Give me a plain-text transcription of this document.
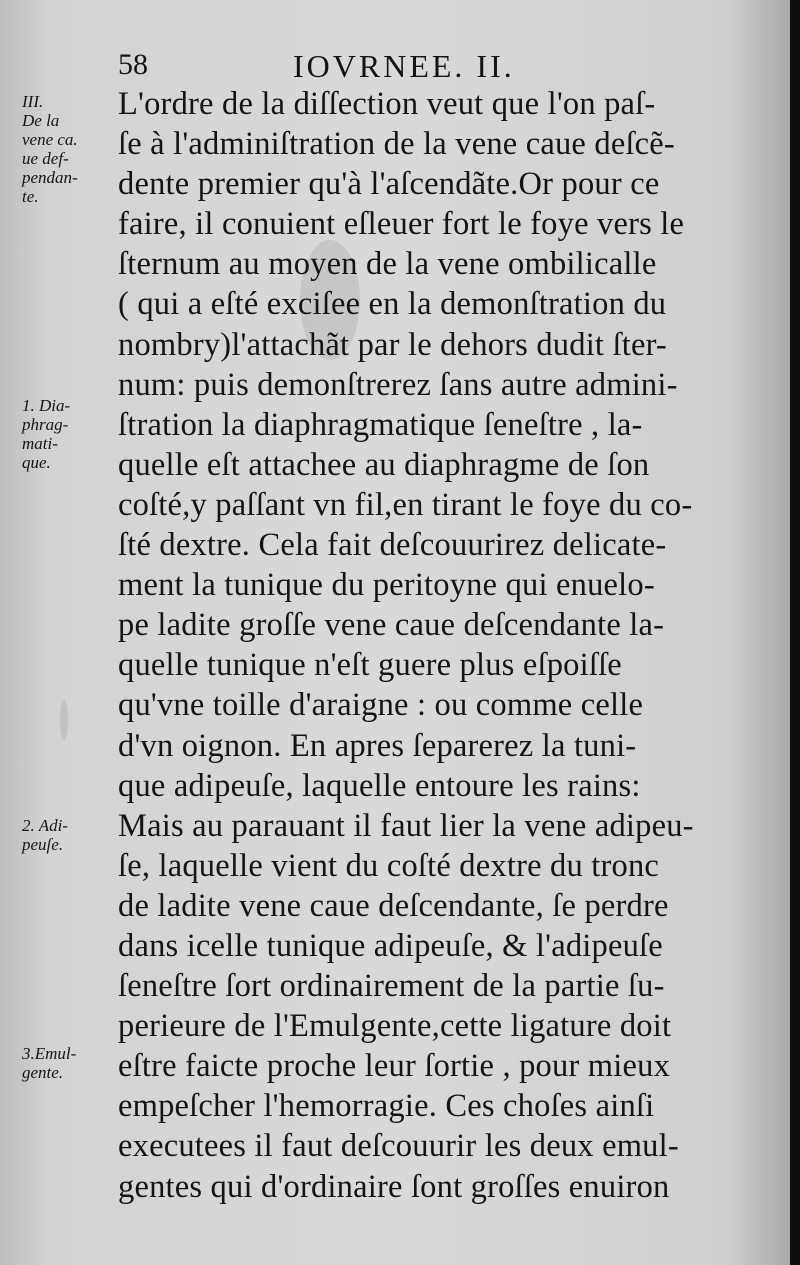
58	IOVRNEE. II.
III.
De la
vene ca.
ue def-
pendan-
te.
1. Dia-
phrag-
mati-
que.
2. Adi-
peuſe.
3.Emul-
gente.
L'ordre de la diſſection veut que l'on paſ-
ſe à l'adminiſtration de la vene caue deſcẽ-
dente premier qu'à l'aſcendãte.Or pour ce
faire, il conuient eſleuer fort le foye vers le
ſternum au moyen de la vene ombilicalle
( qui a eſté exciſee en la demonſtration du
nombry)l'attachãt par le dehors dudit ſter-
num: puis demonſtrerez ſans autre admini-
ſtration la diaphragmatique ſeneſtre , la-
quelle eſt attachee au diaphragme de ſon
coſté,y paſſant vn fil,en tirant le foye du co-
ſté dextre. Cela fait deſcouurirez delicate-
ment la tunique du peritoyne qui enuelo-
pe ladite groſſe vene caue deſcendante la-
quelle tunique n'eſt guere plus eſpoiſſe
qu'vne toille d'araigne : ou comme celle
d'vn oignon. En apres ſeparerez la tuni-
que adipeuſe, laquelle entoure les rains:
Mais au parauant il faut lier la vene adipeu-
ſe, laquelle vient du coſté dextre du tronc
de ladite vene caue deſcendante, ſe perdre
dans icelle tunique adipeuſe, & l'adipeuſe
ſeneſtre ſort ordinairement de la partie ſu-
perieure de l'Emulgente,cette ligature doit
eſtre faicte proche leur ſortie , pour mieux
empeſcher l'hemorragie. Ces choſes ainſi
executees il faut deſcouurir les deux emul-
gentes qui d'ordinaire ſont groſſes enuiron
